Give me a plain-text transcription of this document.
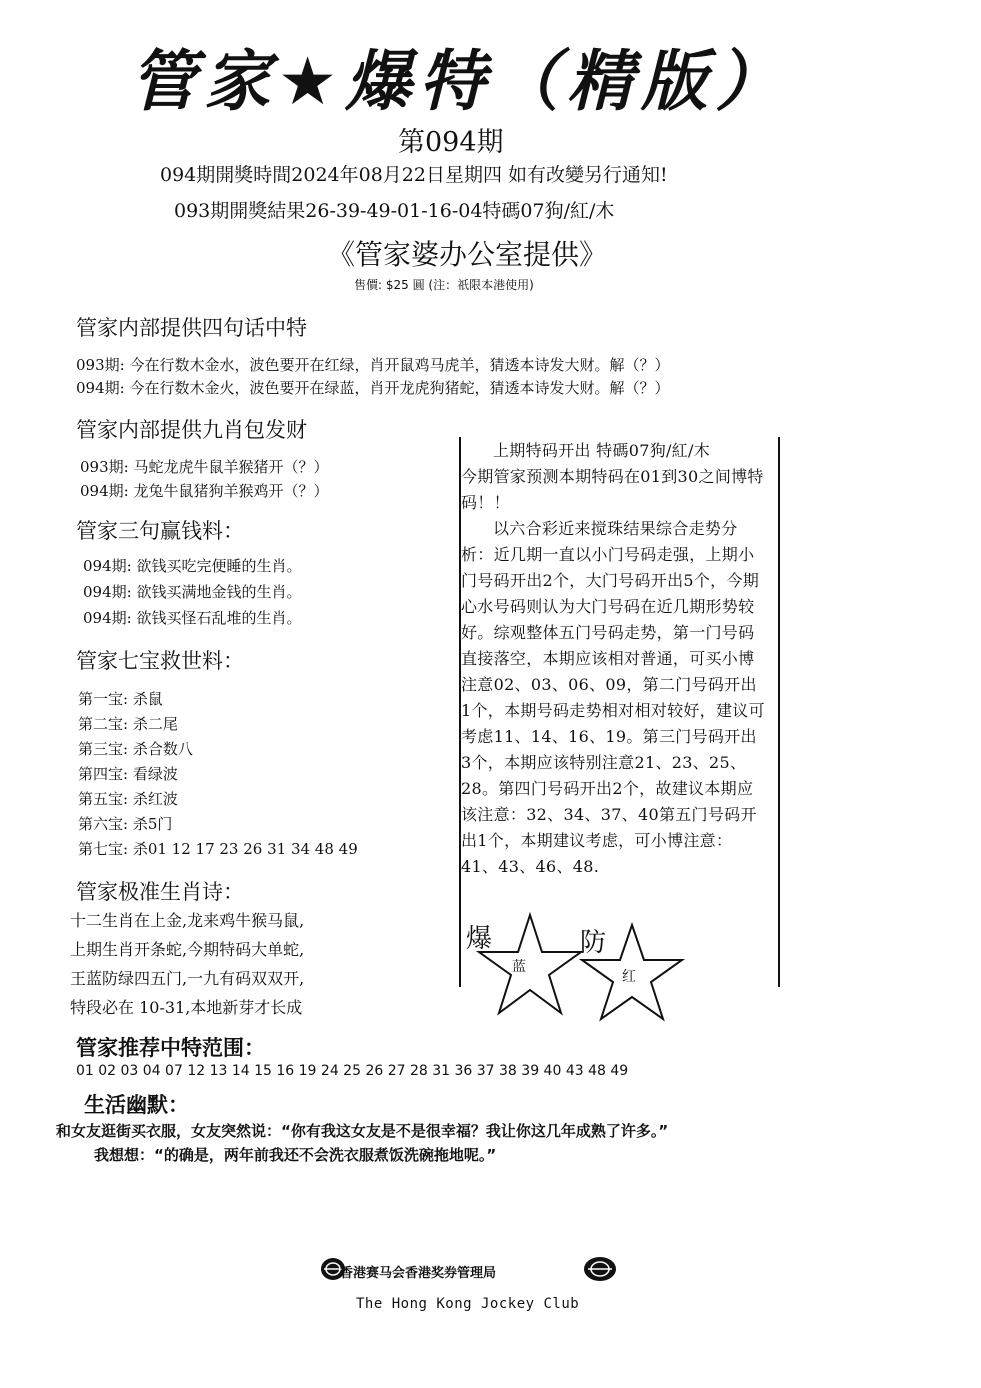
管家★爆特（精版）
第094期
094期開獎時間2024年08月22日星期四 如有改變另行通知!
093期開獎結果26-39-49-01-16-04特碼07狗/紅/木
《管家婆办公室提供》
售價: $25 圓 (注：祇限本港使用)
管家内部提供四句话中特
093期: 今在行数木金水，波色要开在红绿，肖开鼠鸡马虎羊，猜透本诗发大财。解（？）
094期: 今在行数木金火，波色要开在绿蓝，肖开龙虎狗猪蛇，猜透本诗发大财。解（？）
管家内部提供九肖包发财
093期: 马蛇龙虎牛鼠羊猴猪开（？）
094期: 龙兔牛鼠猪狗羊猴鸡开（？）
管家三句赢钱料：
094期: 欲钱买吃完便睡的生肖。
094期: 欲钱买满地金钱的生肖。
094期: 欲钱买怪石乱堆的生肖。
管家七宝救世料：
第一宝: 杀鼠
第二宝: 杀二尾
第三宝: 杀合数八
第四宝: 看绿波
第五宝: 杀红波
第六宝: 杀5门
第七宝: 杀01 12 17 23 26 31 34 48 49
管家极准生肖诗：
十二生肖在上金,龙来鸡牛猴马鼠,
上期生肖开条蛇,今期特码大单蛇,
王蓝防绿四五门,一九有码双双开,
特段必在 10-31,本地新芽才长成
管家推荐中特范围：
01 02 03 04 07 12 13 14 15 16 19 24 25 26 27 28 31 36 37 38 39 40 43 48 49
生活幽默：
和女友逛街买衣服，女友突然说：“你有我这女友是不是很幸福？我让你这几年成熟了许多。”
我想想：“的确是，两年前我还不会洗衣服煮饭洗碗拖地呢。”

上期特码开出 特碼07狗/紅/木

今期管家预测本期特码在01到30之间博特码！！

以六合彩近来搅珠结果综合走势分析：近几期一直以小门号码走强，上期小门号码开出2个，大门号码开出5个，今期心水号码则认为大门号码在近几期形势较好。综观整体五门号码走势，第一门号码直接落空，本期应该相对普通，可买小博注意02、03、06、09，第二门号码开出1个，本期号码走势相对相对较好，建议可考虑11、14、16、19。第三门号码开出3个，本期应该特别注意21、23、25、28。第四门号码开出2个，故建议本期应该注意：32、34、37、40第五门号码开出1个，本期建议考虑，可小博注意：41、43、46、48.

爆
蓝
防
红
香港赛马会香港奖券管理局
The Hong Kong Jockey Club
